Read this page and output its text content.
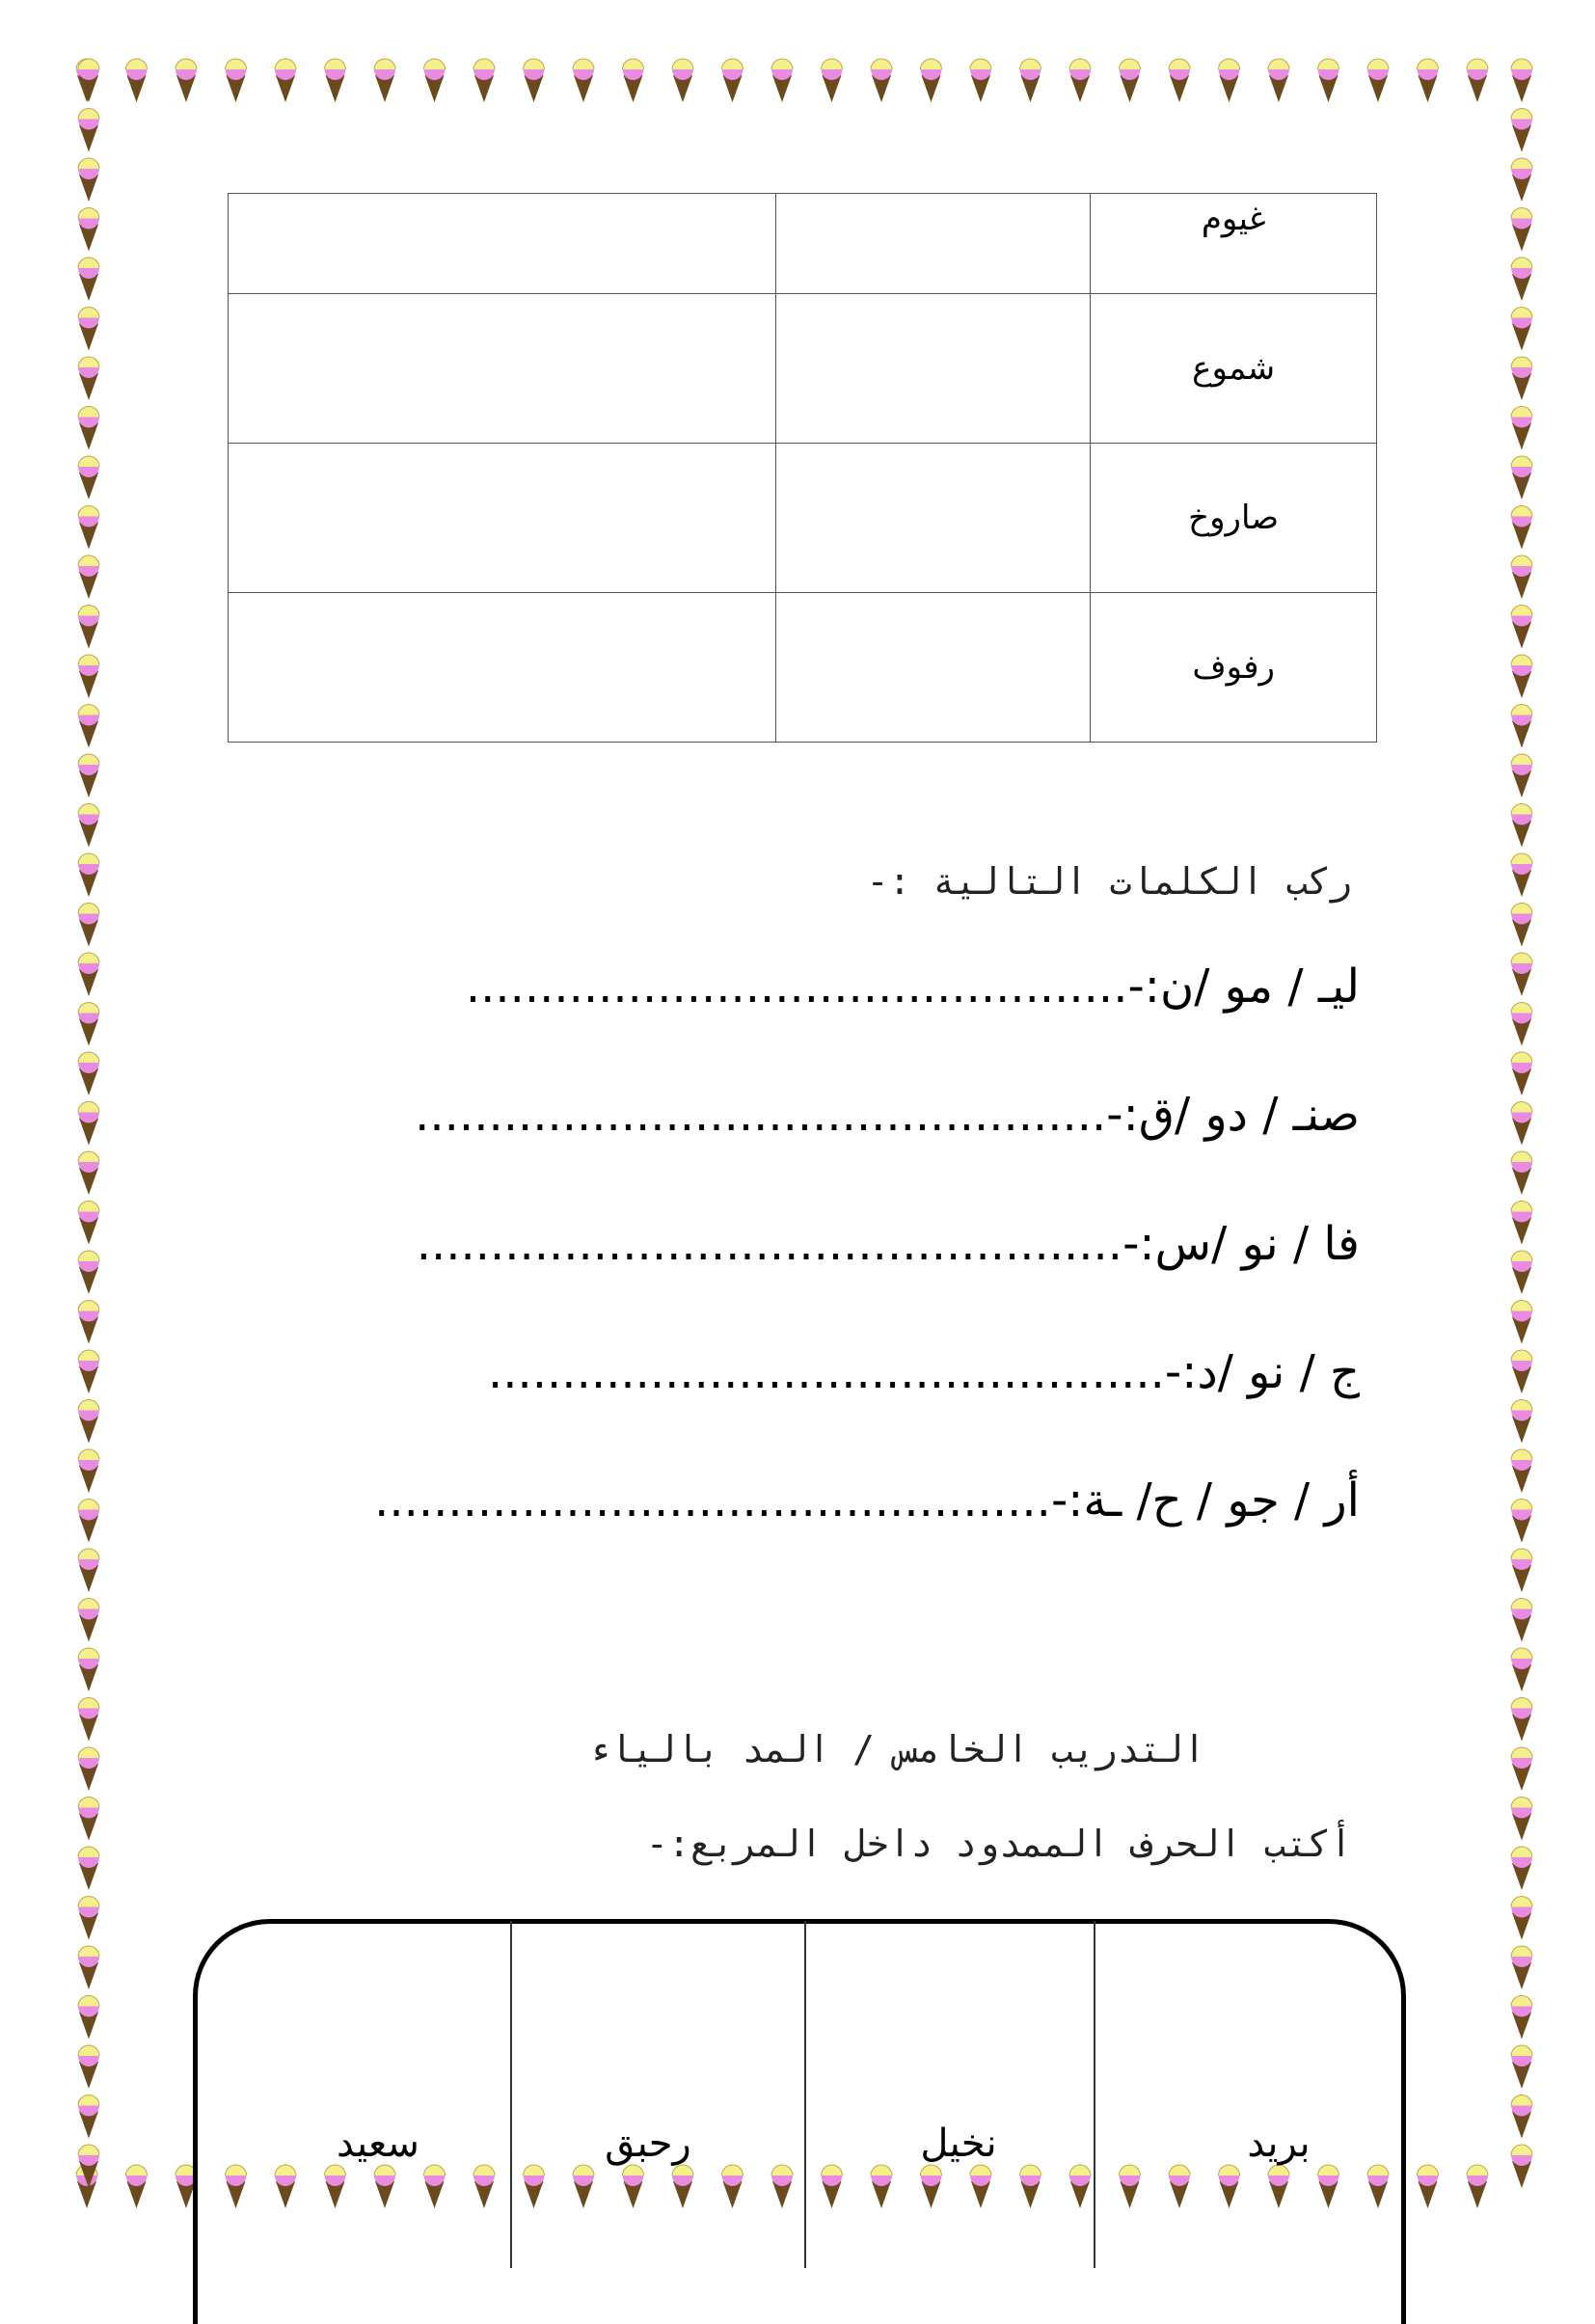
		غيوم
		شموع
		صاروخ
		رفوف
ركب الكلمات التالية :-
ليـ / مو /ن:-.............................................
صنـ / دو /ق:-...............................................
فا / نو /س:-................................................
ج / نو /د:-..............................................
أر / جو / ح/ ـة:-..............................................
التدريب الخامس / المد بالياء
أكتب الحرف الممدود داخل المربع:-
بريد
نخيل
رحبق
سعيد
